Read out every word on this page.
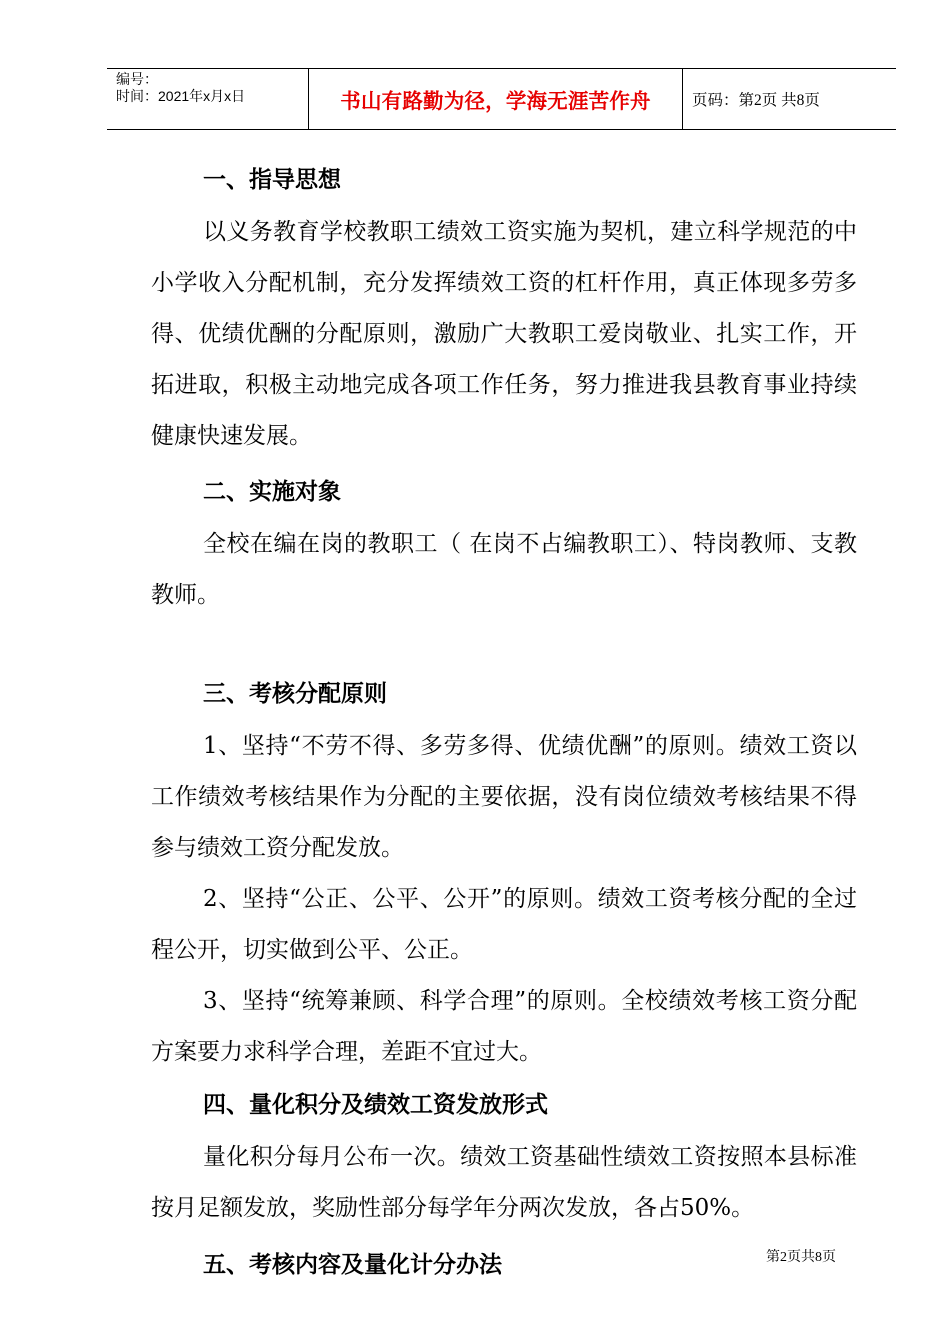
编号：
时间：2021年x月x日	书山有路勤为径，学海无涯苦作舟	页码：第2页 共8页
一、指导思想

以义务教育学校教职工绩效工资实施为契机，建立科学规范的中小学收入分配机制，充分发挥绩效工资的杠杆作用，真正体现多劳多得、优绩优酬的分配原则，激励广大教职工爱岗敬业、扎实工作，开拓进取，积极主动地完成各项工作任务，努力推进我县教育事业持续健康快速发展。

二、实施对象

全校在编在岗的教职工（ 在岗不占编教职工）、特岗教师、支教教师。

三、考核分配原则

1、坚持“不劳不得、多劳多得、优绩优酬”的原则。绩效工资以工作绩效考核结果作为分配的主要依据，没有岗位绩效考核结果不得参与绩效工资分配发放。

2、坚持“公正、公平、公开”的原则。绩效工资考核分配的全过程公开，切实做到公平、公正。

3、坚持“统筹兼顾、科学合理”的原则。全校绩效考核工资分配方案要力求科学合理，差距不宜过大。

四、量化积分及绩效工资发放形式

量化积分每月公布一次。绩效工资基础性绩效工资按照本县标准按月足额发放，奖励性部分每学年分两次发放，各占50%。

五、考核内容及量化计分办法	第2页共8页
